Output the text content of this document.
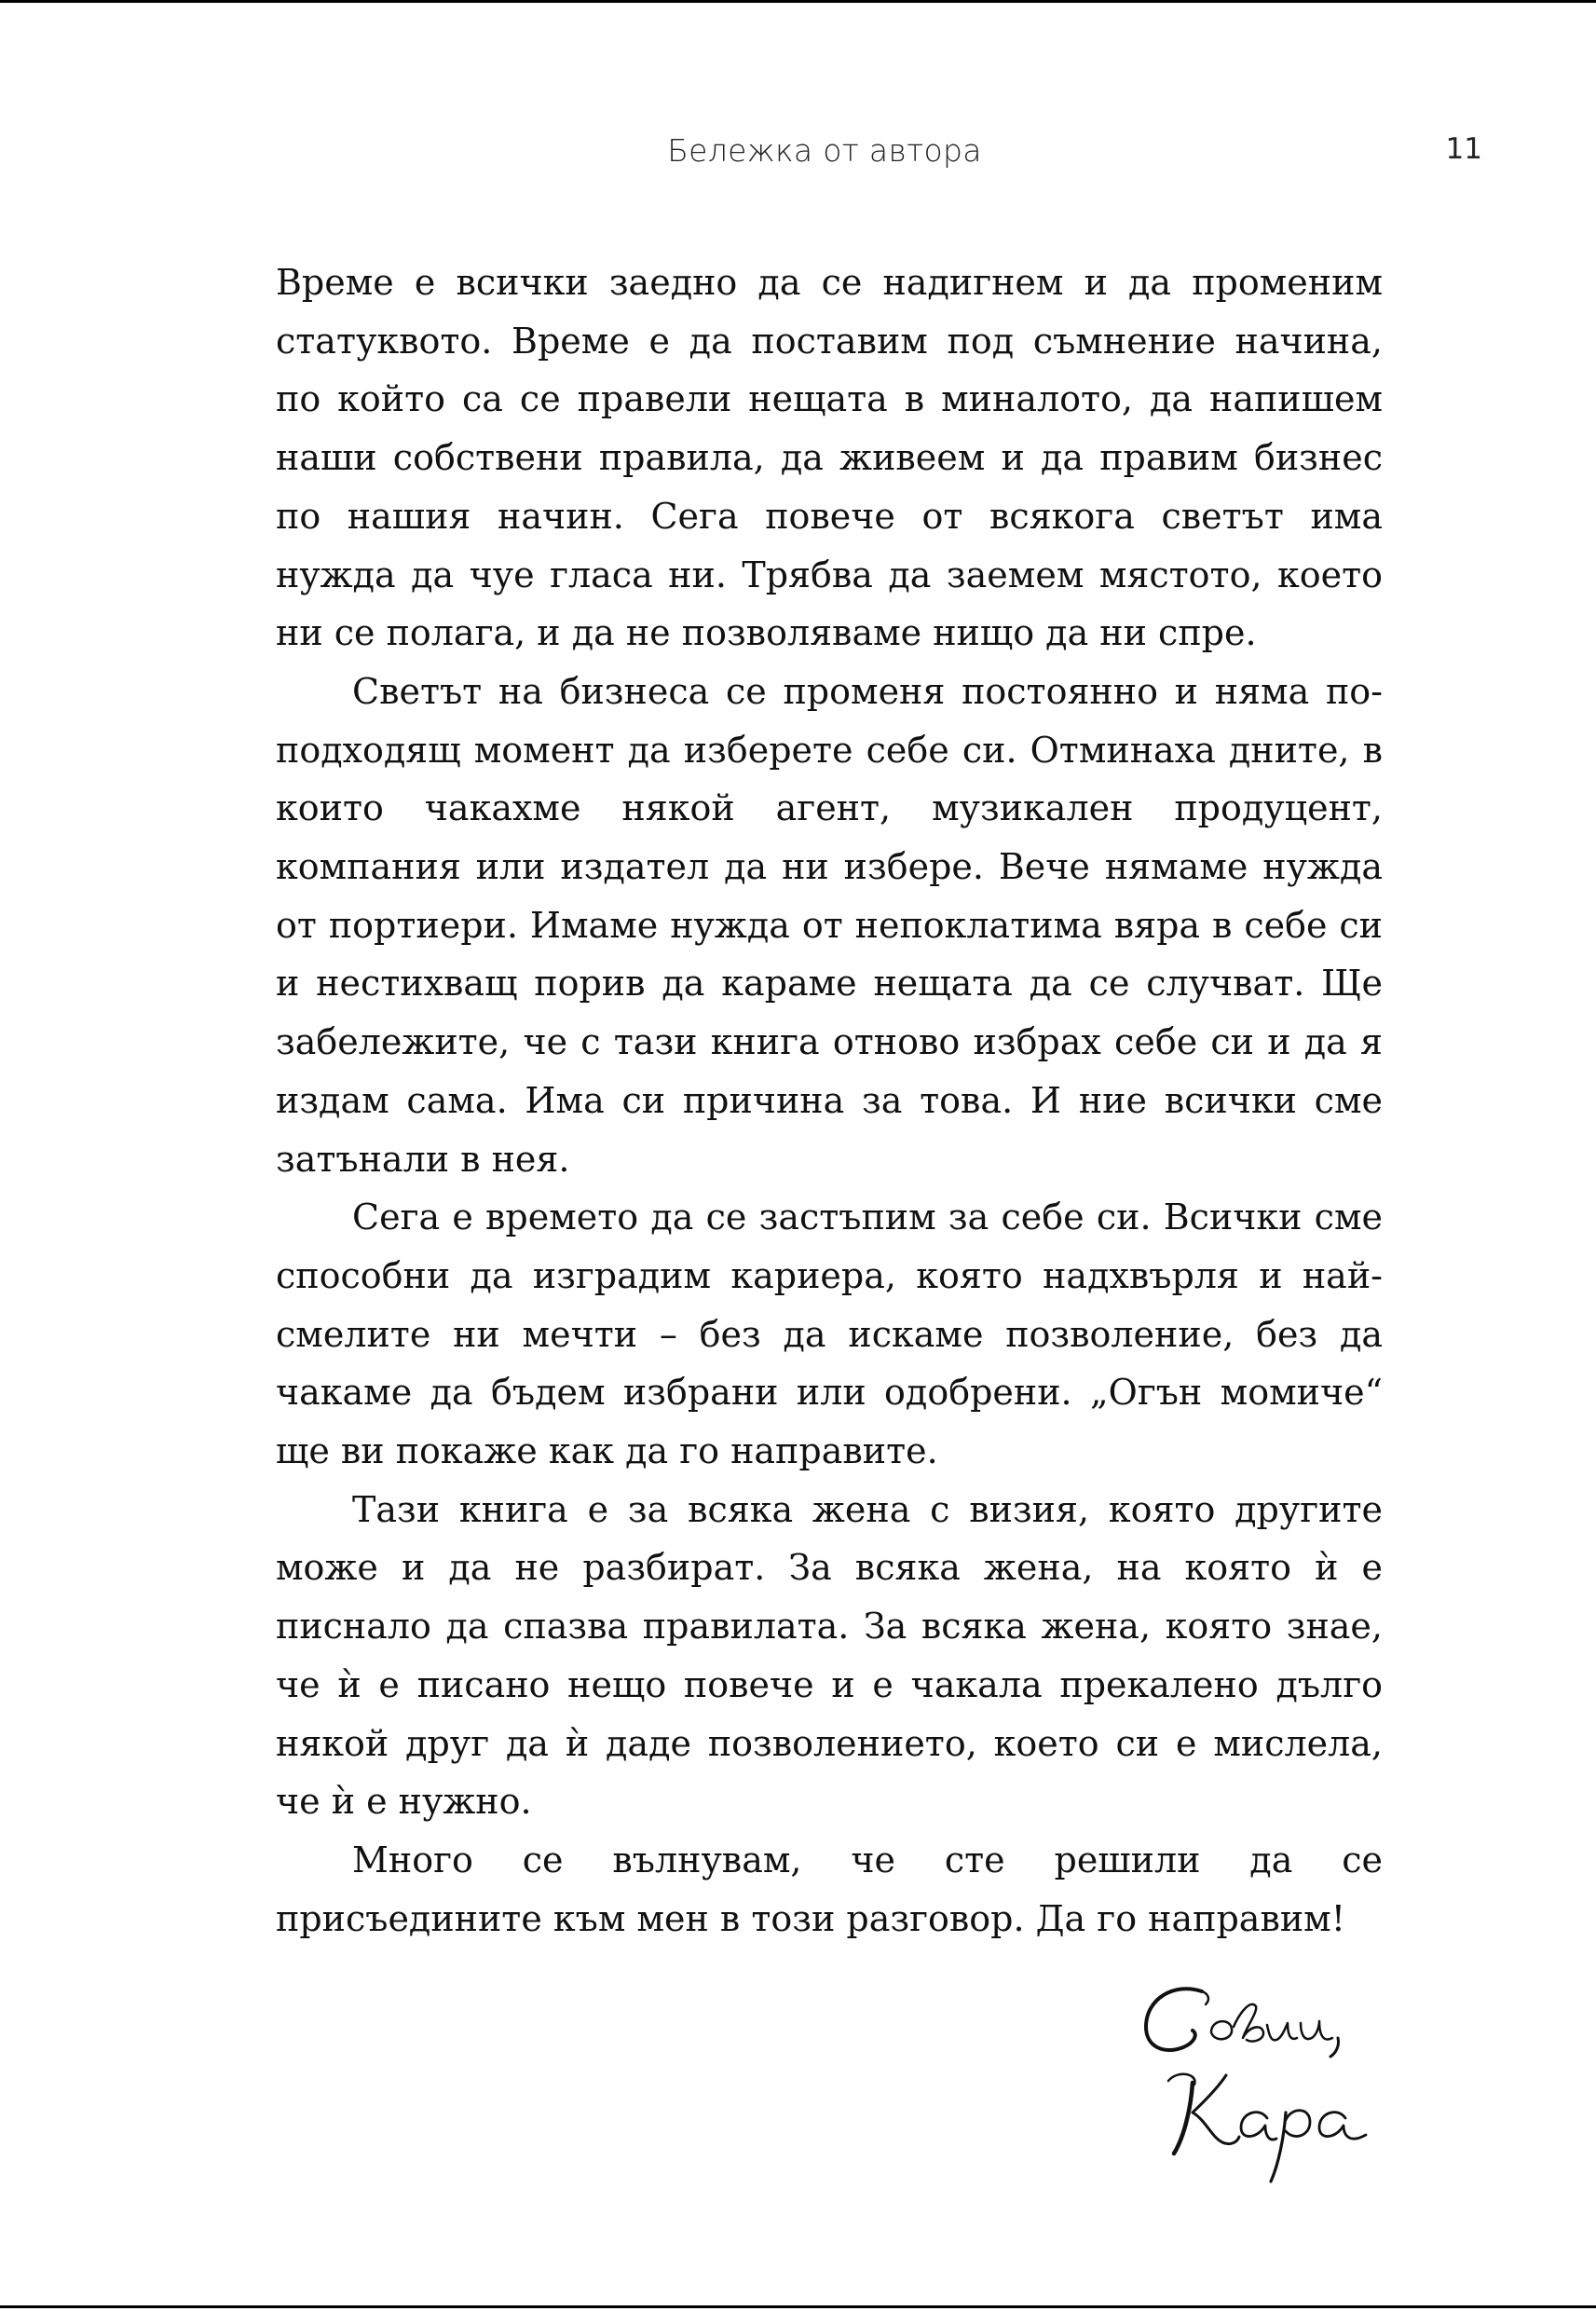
Бележка от автора	11

Време е всички заедно да се надигнем и да променим статуквото. Време е да поставим под съмнение начина, по който са се правели нещата в миналото, да напишем наши собствени правила, да живеем и да правим бизнес по нашия начин. Сега повече от всякога светът има нужда да чуе гласа ни. Трябва да заемем мястото, което ни се полага, и да не позволяваме нищо да ни спре.

Светът на бизнеса се променя постоянно и няма по-подходящ момент да изберете себе си. Отминаха дните, в които чакахме някой агент, музикален продуцент, компания или издател да ни избере. Вече нямаме нужда от портиери. Имаме нужда от непоклатима вяра в себе си и нестихващ порив да караме нещата да се случват. Ще забележите, че с тази книга отново избрах себе си и да я издам сама. Има си причина за това. И ние всички сме затънали в нея.

Сега е времето да се застъпим за себе си. Всички сме способни да изградим кариера, която надхвърля и най-смелите ни мечти – без да искаме позволение, без да чакаме да бъдем избрани или одобрени. „Огън момиче“ ще ви покаже как да го направите.

Тази книга е за всяка жена с визия, която другите може и да не разбират. За всяка жена, на която ѝ е писнало да спазва правилата. За всяка жена, която знае, че ѝ е писано нещо повече и е чакала прекалено дълго някой друг да ѝ даде позволението, което си е мислела, че ѝ е нужно.

Много се вълнувам, че сте решили да се присъедините към мен в този разговор. Да го направим!
